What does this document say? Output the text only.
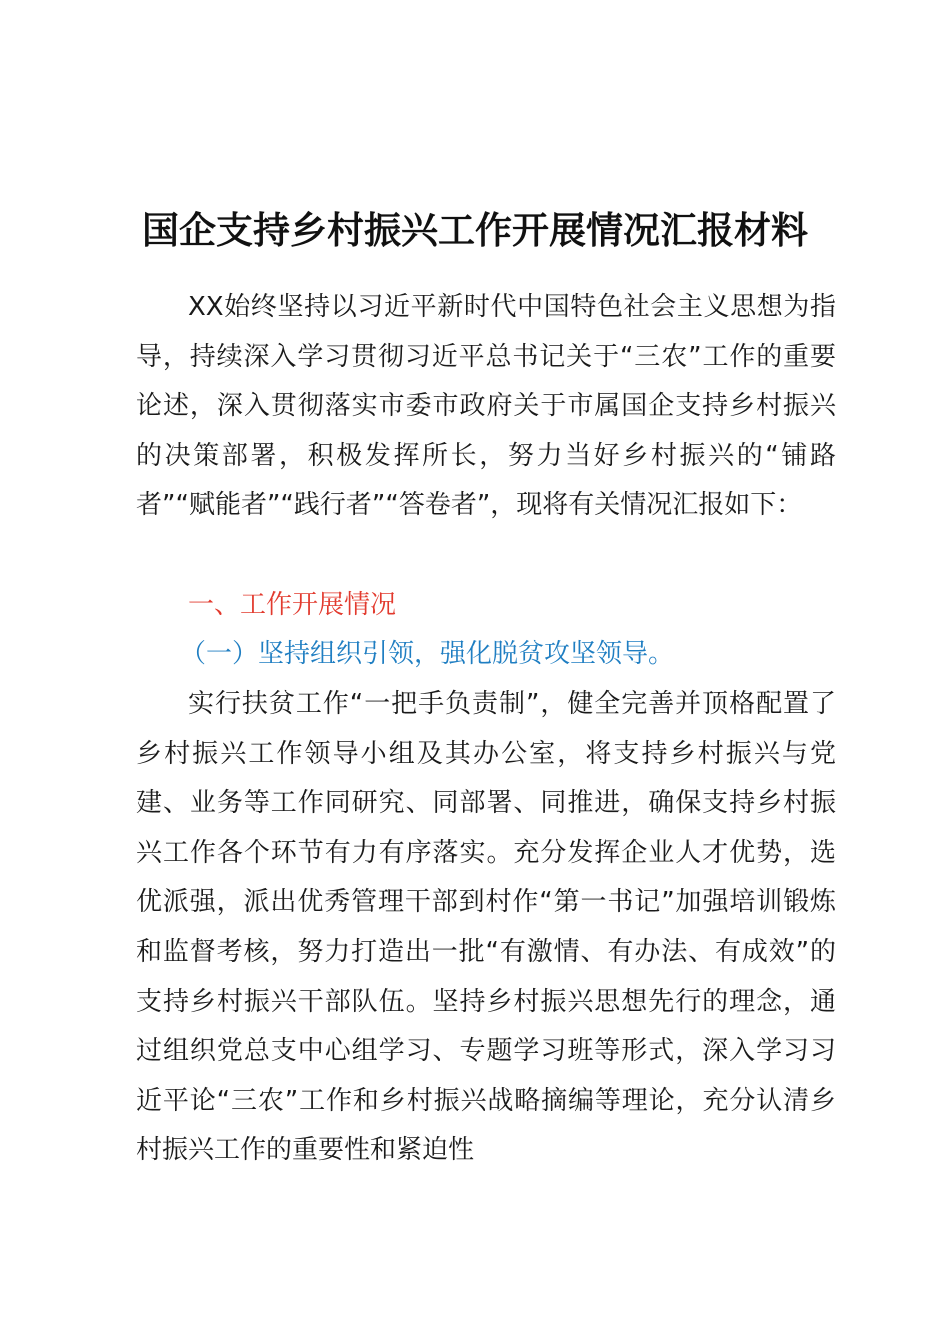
国企支持乡村振兴工作开展情况汇报材料

XX始终坚持以习近平新时代中国特色社会主义思想为指导，持续深入学习贯彻习近平总书记关于“三农”工作的重要论述，深入贯彻落实市委市政府关于市属国企支持乡村振兴的决策部署，积极发挥所长，努力当好乡村振兴的“铺路者”“赋能者”“践行者”“答卷者”，现将有关情况汇报如下：

一、工作开展情况

（一）坚持组织引领，强化脱贫攻坚领导。

实行扶贫工作“一把手负责制”，健全完善并顶格配置了乡村振兴工作领导小组及其办公室，将支持乡村振兴与党建、业务等工作同研究、同部署、同推进，确保支持乡村振兴工作各个环节有力有序落实。充分发挥企业人才优势，选优派强，派出优秀管理干部到村作“第一书记”加强培训锻炼和监督考核，努力打造出一批“有激情、有办法、有成效”的支持乡村振兴干部队伍。坚持乡村振兴思想先行的理念，通过组织党总支中心组学习、专题学习班等形式，深入学习习近平论“三农”工作和乡村振兴战略摘编等理论，充分认清乡村振兴工作的重要性和紧迫性
